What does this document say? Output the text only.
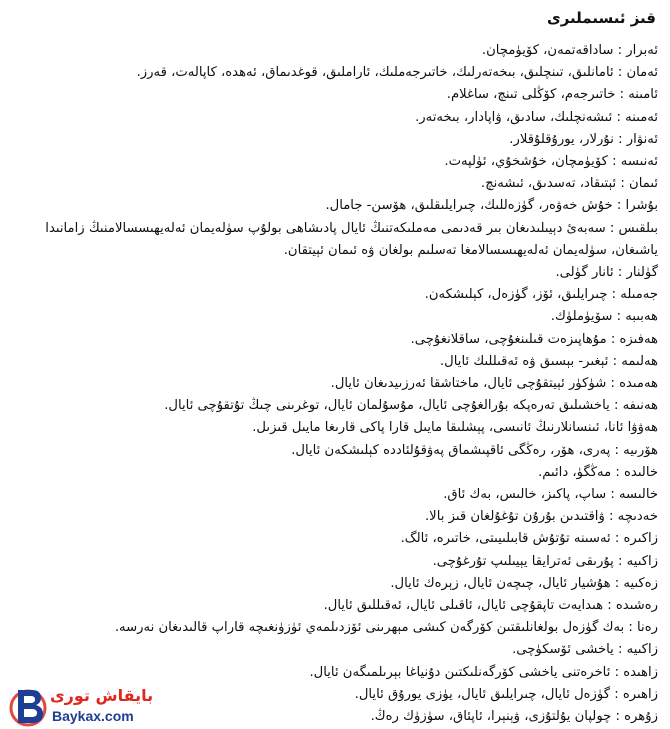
قىز ئىسىملىرى
ئەبرار : ساداقەتمەن، كۆيۈمچان.
ئەمان : ئامانلىق، تىنچلىق، بىخەتەرلىك، خاتىرجەملىك، ئاراملىق، قوغدىماق، ئەھدە، كاپالەت، قەرز.
ئامىنە : خاتىرجەم، كۆڭلى تىنچ، ساغلام.
ئەمىنە : ئىشەنچلىك، سادىق، ۋاپادار، بىخەتەر.
ئەنۋار : نۇرلار، يورۇقلۇقلار.
ئەنىسە : كۆيۈمچان، خۇشخۇي، ئۈلپەت.
ئىمان : ئېتىقاد، تەسدىق، ئىشەنچ.
بۇشرا : خۇش خەۋەر، گۈزەللىك، چىرايلىقلىق، ھۆسن- جامال.
بىلقىس : سەبەئ دېيىلىدىغان بىر قەدىمى مەملىكەتنىڭ ئايال پادىشاھى بولۇپ سۈلەيمان ئەلەيھىسسالامنىڭ زامانىدا ياشىغان، سۈلەيمان ئەلەيھىسسالامغا تەسلىم بولغان ۋە ئىمان ئېيتقان.
گۈلنار : ئانار گۈلى.
جەمىلە : چىرايلىق، ئۆز، گۈزەل، كېلىشكەن.
ھەبىبە : سۆيۈملۈك.
ھەفىزە : مۇھاپىزەت قىلىنغۇچى، ساقلانغۇچى.
ھەلىمە : ئېغىر- بېسىق ۋە ئەقىللىك ئايال.
ھەمىدە : شۈكۈر ئېيتقۇچى ئايال، ماختاشقا ئەرزىيدىغان ئايال.
ھەنىفە : ياخشىلىق تەرەپكە بۇرالغۇچى ئايال، مۇسۇلمان ئايال، توغرىنى چىڭ تۇتقۇچى ئايال.
ھەۋۋا ئانا، ئىنسانلارنىڭ ئانىسى، پېشلىقا مايىل قارا پاكى قارىغا مايىل قىزىل.
ھۆرىيە : پەرى، ھۆر، رەڭگى ئاقپىشماق پەۋقۇلئاددە كېلىشكەن ئايال.
خالىدە : مەڭگۈ، دائىم.
خالىسە : ساپ، پاكىز، خالىس، بەك ئاق.
خەدىچە : ۋاقتىدىن بۇرۇن تۇغۇلغان قىز بالا.
زاكىرە : ئەسىنە تۇتۇش قابىلىيىتى، خاتىرە، ئالگ.
زاكىيە : پۇرىقى ئەترايقا يېيىلىپ تۇرغۇچى.
زەكىيە : ھۇشيار ئايال، چىچەن ئايال، زېرەك ئايال.
رەشىدە : ھىدايەت تاپقۇچى ئايال، ئاقىلى ئايال، ئەقىللىق ئايال.
رەنا : بەك گۈزەل بولغانلىقتىن كۆرگەن كىشى مېھرىنى ئۆزدىلمەي ئۈزۈنغىچە قاراپ قالىدىغان نەرسە.
زاكىيە : ياخشى ئۆسكۈچى.
زاھىدە : ئاخرەتنى ياخشى كۆرگەنلىكتىن دۇنياغا بېرىلمىگەن ئايال.
زاھىرە : گۈزەل ئايال، چىرايلىق ئايال، يۈزى يورۇق ئايال.
زۇھرە : چولپان يۇلتۇزى، ۋېنېرا، ئاپئاق، سۈزۈك رەڭ.
بايقاش تورى
Baykax.com
